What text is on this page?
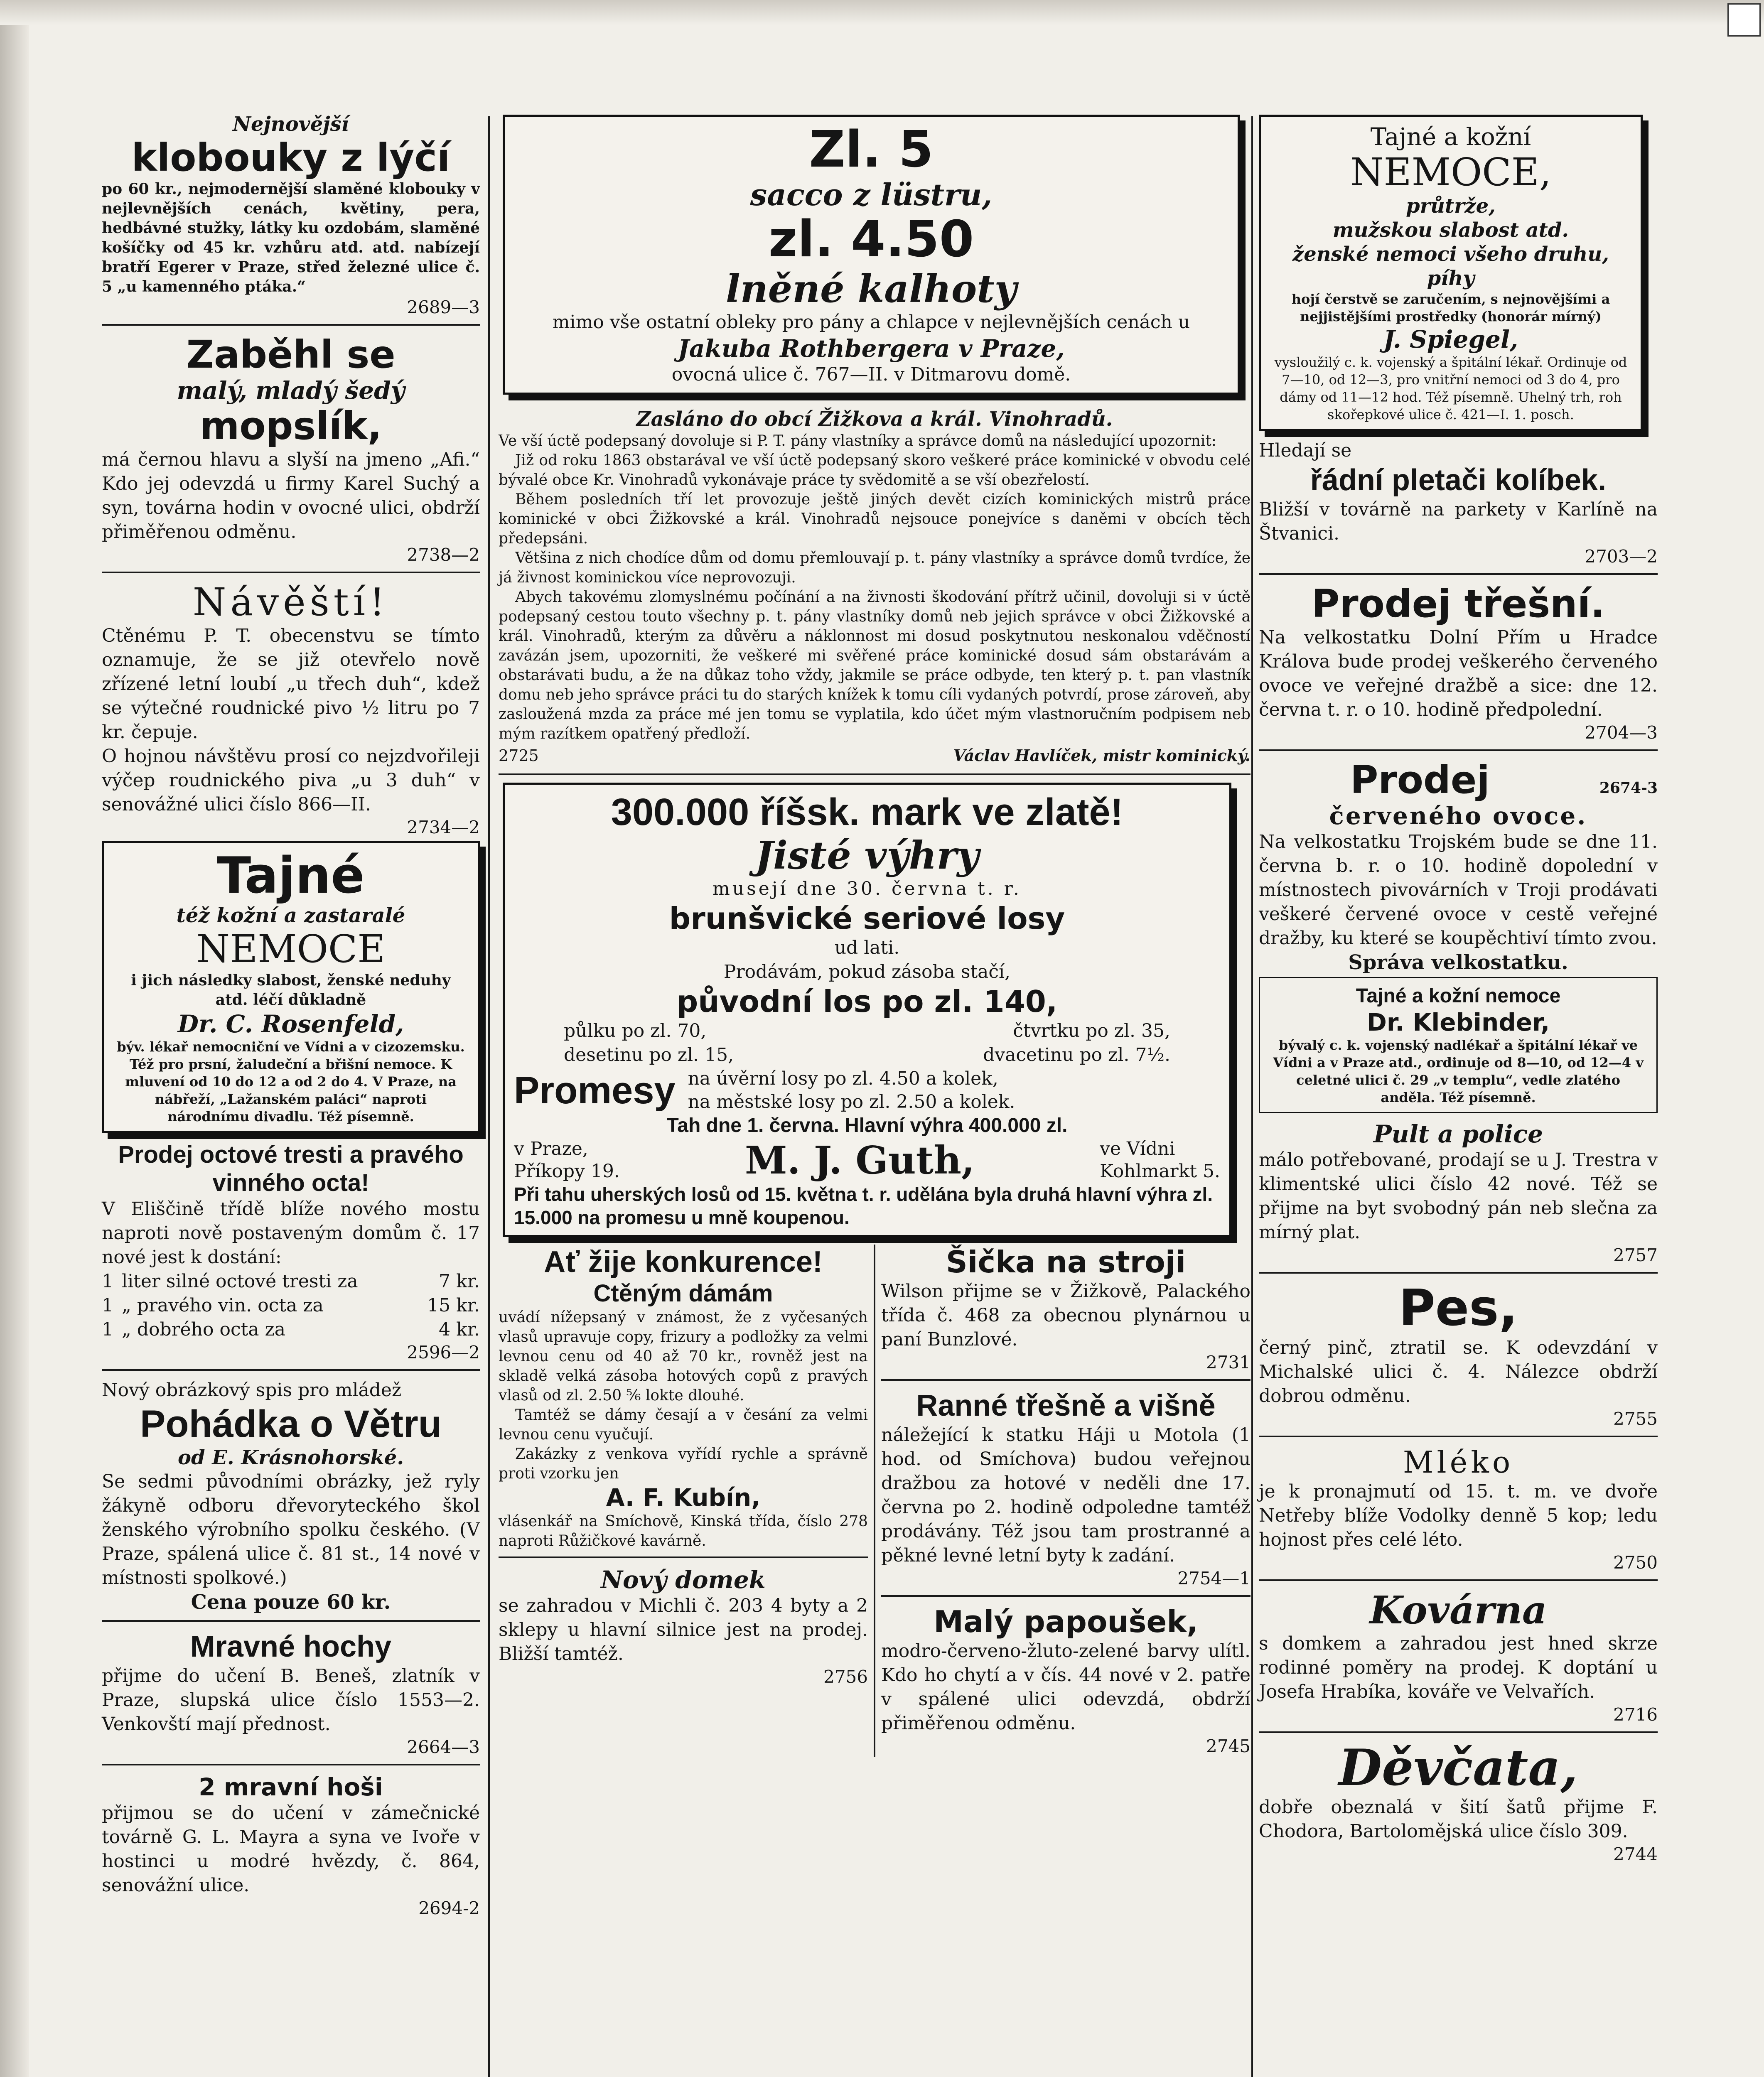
Nejnovější

klobouky z lýčí

po 60 kr., nejmodernější slaměné klobouky v nejlevnějších cenách, květiny, pera, hedbávné stužky, látky ku ozdobám, slaměné košíčky od 45 kr. vzhůru atd. atd. nabízejí bratří Egerer v Praze, střed železné ulice č. 5 „u kamenného ptáka.“

2689—3

Zaběhl se

malý, mladý šedý

mopslík,

má černou hlavu a slyší na jmeno „Afi.“ Kdo jej odevzdá u firmy Karel Suchý a syn, továrna hodin v ovocné ulici, obdrží přiměřenou odměnu.

2738—2

Návěští!

Ctěnému P. T. obecenstvu se tímto oznamuje, že se již otevřelo nově zřízené letní loubí „u třech duh“, kdež se výtečné roudnické pivo ½ litru po 7 kr. čepuje.

O hojnou návštěvu prosí co nejzdvořileji výčep roudnického piva „u 3 duh“ v senovážné ulici číslo 866—II.

2734—2

Tajné

též kožní a zastaralé

NEMOCE

i jich následky slabost, ženské neduhy atd. léčí důkladně

Dr. C. Rosenfeld,

býv. lékař nemocniční ve Vídni a v cizozemsku. Též pro prsní, žaludeční a břišní nemoce. K mluvení od 10 do 12 a od 2 do 4. V Praze, na nábřeží, „Lažanském paláci“ naproti národnímu divadlu. Též písemně.

Prodej octové tresti a pravého vinného octa!

V Eliščině třídě blíže nového mostu naproti nově postaveným domům č. 17 nové jest k dostání:

1 liter silné octové tresti za	7 kr.
1 „ pravého vin. octa za	15 kr.
1 „ dobrého octa za	4 kr.

2596—2

Nový obrázkový spis pro mládež

Pohádka o Větru

od E. Krásnohorské.

Se sedmi původními obrázky, jež ryly žákyně odboru dřevoryteckého škol ženského výrobního spolku českého. (V Praze, spálená ulice č. 81 st., 14 nové v místnosti spolkové.)

Cena pouze 60 kr.

Mravné hochy

přijme do učení B. Beneš, zlatník v Praze, slupská ulice číslo 1553—2. Venkovští mají přednost.

2664—3

2 mravní hoši

přijmou se do učení v zámečnické továrně G. L. Mayra a syna ve Ivoře v hostinci u modré hvězdy, č. 864, senovážní ulice.

2694-2

Zl. 5

sacco z lüstru,

zl. 4.50

lněné kalhoty

mimo vše ostatní obleky pro pány a chlapce v nejlevnějších cenách u

Jakuba Rothbergera v Praze,

ovocná ulice č. 767—II. v Ditmarovu domě.

Zasláno do obcí Žižkova a král. Vinohradů.

Ve vší úctě podepsaný dovoluje si P. T. pány vlastníky a správce domů na následující upozornit:

Již od roku 1863 obstarával ve vší úctě podepsaný skoro veškeré práce kominické v obvodu celé bývalé obce Kr. Vinohradů vykonávaje práce ty svědomitě a se vší obezřelostí.

Během posledních tří let provozuje ještě jiných devět cizích kominických mistrů práce kominické v obci Žižkovské a král. Vinohradů nejsouce ponejvíce s daněmi v obcích těch předepsáni.

Většina z nich chodíce dům od domu přemlouvají p. t. pány vlastníky a správce domů tvrdíce, že já živnost kominickou více neprovozuji.

Abych takovému zlomyslnému počínání a na živnosti škodování přítrž učinil, dovoluji si v úctě podepsaný cestou touto všechny p. t. pány vlastníky domů neb jejich správce v obci Žižkovské a král. Vinohradů, kterým za důvěru a náklonnost mi dosud poskytnutou neskonalou vděčností zavázán jsem, upozorniti, že veškeré mi svěřené práce kominické dosud sám obstarávám a obstarávati budu, a že na důkaz toho vždy, jakmile se práce odbyde, ten který p. t. pan vlastník domu neb jeho správce práci tu do starých knížek k tomu cíli vydaných potvrdí, prose zároveň, aby zasloužená mzda za práce mé jen tomu se vyplatila, kdo účet mým vlastnoručním podpisem neb mým razítkem opatřený předloží.

2725	Václav Havlíček, mistr kominický.

300.000 říšsk. mark ve zlatě!

Jisté výhry

musejí dne 30. června t. r.

brunšvické seriové losy

ud lati.

Prodávám, pokud zásoba stačí,

původní los po zl. 140,

půlku po zl. 70,	čtvrtku po zl. 35,
desetinu po zl. 15,	dvacetinu po zl. 7½.
Promesy na úvěrní losy po zl. 4.50 a kolek,
na městské losy po zl. 2.50 a kolek.

Tah dne 1. června. Hlavní výhra 400.000 zl.

v Praze,
Příkopy 19.	M. J. Guth,	ve Vídni
Kohlmarkt 5.

Při tahu uherských losů od 15. května t. r. udělána byla druhá hlavní výhra zl. 15.000 na promesu u mně koupenou.

Ať žije konkurence!

Ctěným dámám

uvádí nížepsaný v známost, že z vyčesaných vlasů upravuje copy, frizury a podložky za velmi levnou cenu od 40 až 70 kr., rovněž jest na skladě velká zásoba hotových copů z pravých vlasů od zl. 2.50 ⅚ lokte dlouhé.

Tamtéž se dámy česají a v česání za velmi levnou cenu vyučují.

Zakázky z venkova vyřídí rychle a správně proti vzorku jen

A. F. Kubín,

vlásenkář na Smíchově, Kinská třída, číslo 278 naproti Růžičkové kavárně.

Nový domek

se zahradou v Michli č. 203 4 byty a 2 sklepy u hlavní silnice jest na prodej. Bližší tamtéž.

2756

Šička na stroji

Wilson přijme se v Žižkově, Palackého třída č. 468 za obecnou plynárnou u paní Bunzlové.

2731

Ranné třešně a višně

náležející k statku Háji u Motola (1 hod. od Smíchova) budou veřejnou dražbou za hotové v neděli dne 17. června po 2. hodině odpoledne tamtéž prodávány. Též jsou tam prostranné a pěkné levné letní byty k zadání.

2754—1

Malý papoušek,

modro-červeno-žluto-zelené barvy ulítl. Kdo ho chytí a v čís. 44 nové v 2. patře v spálené ulici odevzdá, obdrží přiměřenou odměnu.

2745

Tajné a kožní

NEMOCE,

průtrže,

mužskou slabost atd.

ženské nemoci všeho druhu,

píhy

hojí čerstvě se zaručením, s nejnovějšími a nejjistějšími prostředky (honorár mírný)

J. Spiegel,

vysloužilý c. k. vojenský a špitální lékař. Ordinuje od 7—10, od 12—3, pro vnitřní nemoci od 3 do 4, pro dámy od 11—12 hod. Též písemně. Uhelný trh, roh skořepkové ulice č. 421—I. 1. posch.

Hledají se

řádní pletači kolíbek.

Bližší v továrně na parkety v Karlíně na Štvanici.

2703—2

Prodej třešní.

Na velkostatku Dolní Přím u Hradce Králova bude prodej veškerého červeného ovoce ve veřejné dražbě a sice: dne 12. června t. r. o 10. hodině předpolední.

2704—3

Prodej	2674-3

červeného ovoce.

Na velkostatku Trojském bude se dne 11. června b. r. o 10. hodině dopolední v místnostech pivovárních v Troji prodávati veškeré červené ovoce v cestě veřejné dražby, ku které se koupěchtiví tímto zvou.

Správa velkostatku.

Tajné a kožní nemoce

Dr. Klebinder,

bývalý c. k. vojenský nadlékař a špitální lékař ve Vídni a v Praze atd., ordinuje od 8—10, od 12—4 v celetné ulici č. 29 „v templu“, vedle zlatého anděla. Též písemně.

Pult a police

málo potřebované, prodají se u J. Trestra v klimentské ulici číslo 42 nové. Též se přijme na byt svobodný pán neb slečna za mírný plat.

2757

Pes,

černý pinč, ztratil se. K odevzdání v Michalské ulici č. 4. Nálezce obdrží dobrou odměnu.

2755

Mléko

je k pronajmutí od 15. t. m. ve dvoře Netřeby blíže Vodolky denně 5 kop; ledu hojnost přes celé léto.

2750

Kovárna

s domkem a zahradou jest hned skrze rodinné poměry na prodej. K doptání u Josefa Hrabíka, kováře ve Velvařích.

2716

Děvčata,

dobře obeznalá v šití šatů přijme F. Chodora, Bartolomějská ulice číslo 309.

2744
